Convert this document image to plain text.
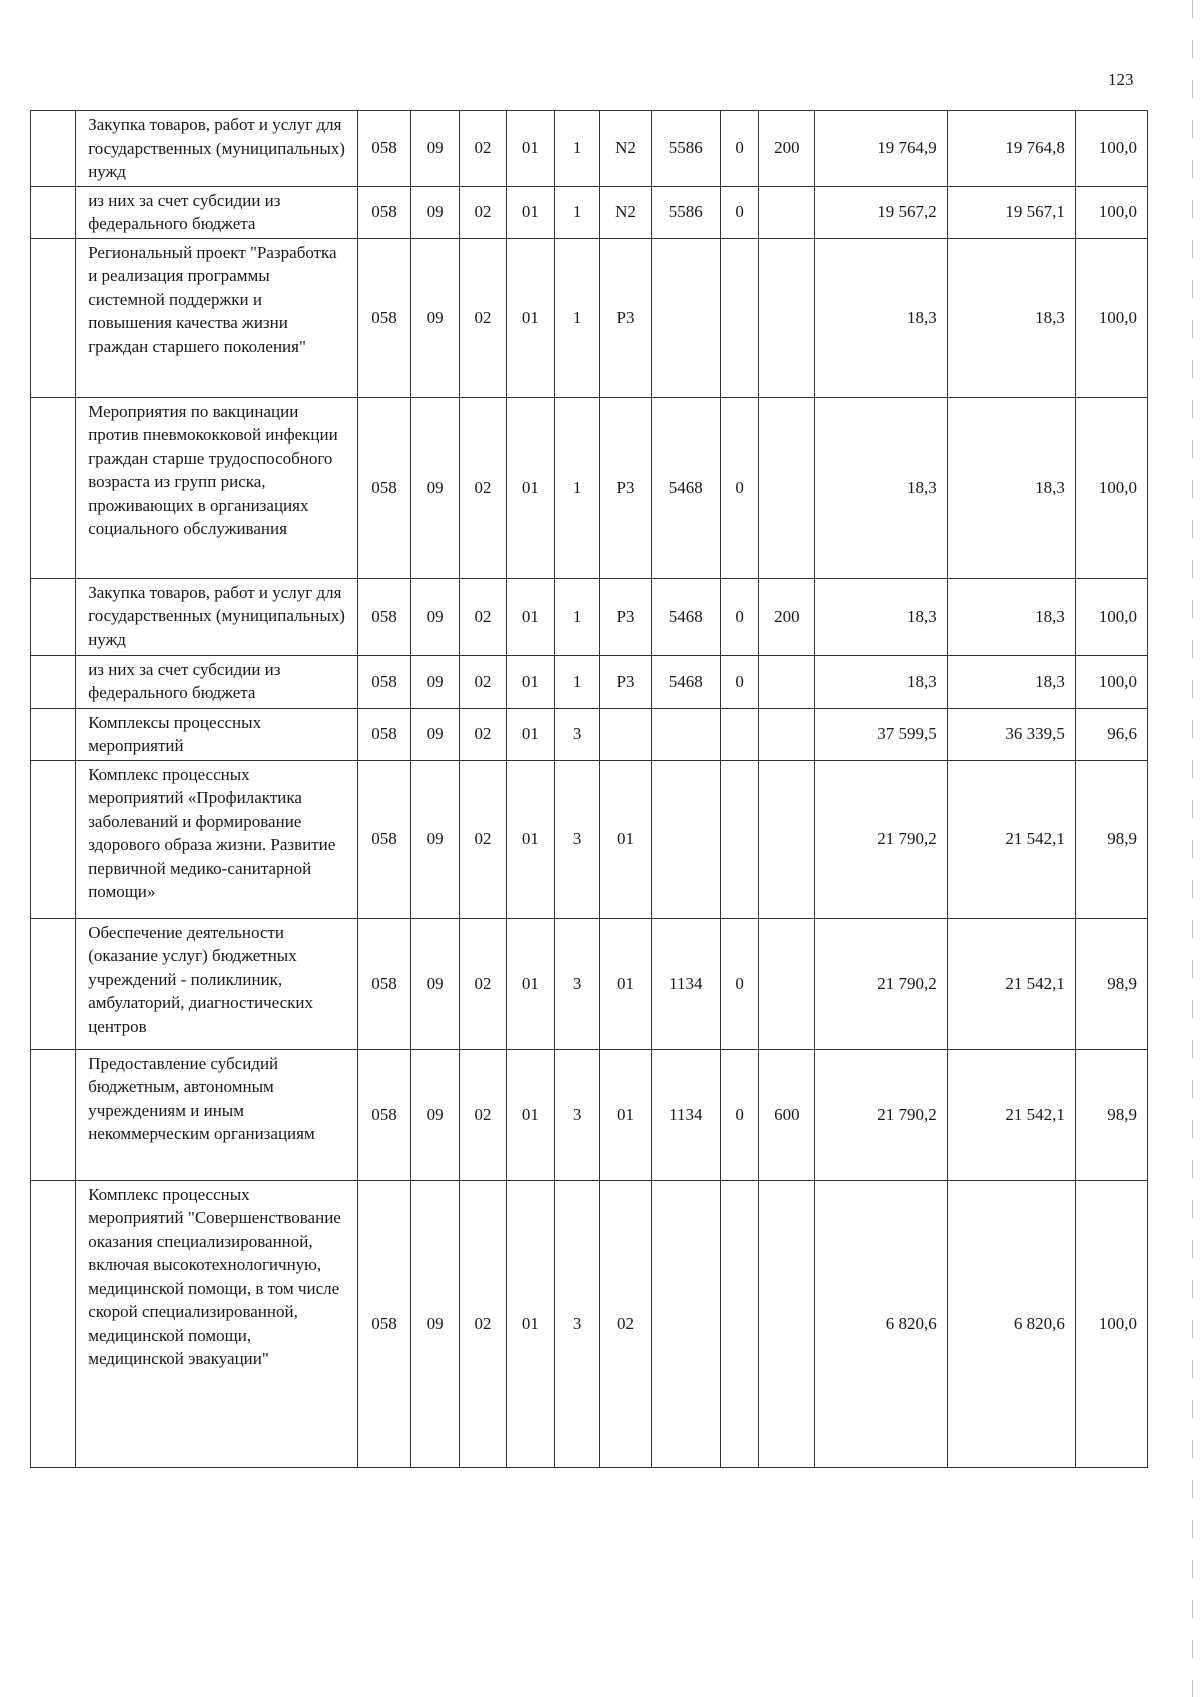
123
	Закупка товаров, работ и услуг для государственных (муниципальных) нужд	058	09	02	01	1	N2	5586	0	200	19 764,9	19 764,8	100,0
	из них за счет субсидии из федерального бюджета	058	09	02	01	1	N2	5586	0		19 567,2	19 567,1	100,0
	Региональный проект "Разработка и реализация программы системной поддержки и повышения качества жизни граждан старшего поколения"	058	09	02	01	1	P3				18,3	18,3	100,0
	Мероприятия по вакцинации против пневмококковой инфекции граждан старше трудоспособного возраста из групп риска, проживающих в организациях социального обслуживания	058	09	02	01	1	P3	5468	0		18,3	18,3	100,0
	Закупка товаров, работ и услуг для государственных (муниципальных) нужд	058	09	02	01	1	P3	5468	0	200	18,3	18,3	100,0
	из них за счет субсидии из федерального бюджета	058	09	02	01	1	P3	5468	0		18,3	18,3	100,0
	Комплексы процессных мероприятий	058	09	02	01	3					37 599,5	36 339,5	96,6
	Комплекс процессных мероприятий «Профилактика заболеваний и формирование здорового образа жизни. Развитие первичной медико-санитарной помощи»	058	09	02	01	3	01				21 790,2	21 542,1	98,9
	Обеспечение деятельности (оказание услуг) бюджетных учреждений - поликлиник, амбулаторий, диагностических центров	058	09	02	01	3	01	1134	0		21 790,2	21 542,1	98,9
	Предоставление субсидий бюджетным, автономным учреждениям и иным некоммерческим организациям	058	09	02	01	3	01	1134	0	600	21 790,2	21 542,1	98,9
	Комплекс процессных мероприятий "Совершенствование оказания специализированной, включая высокотехнологичную, медицинской помощи, в том числе скорой специализированной, медицинской помощи, медицинской эвакуации"	058	09	02	01	3	02				6 820,6	6 820,6	100,0
